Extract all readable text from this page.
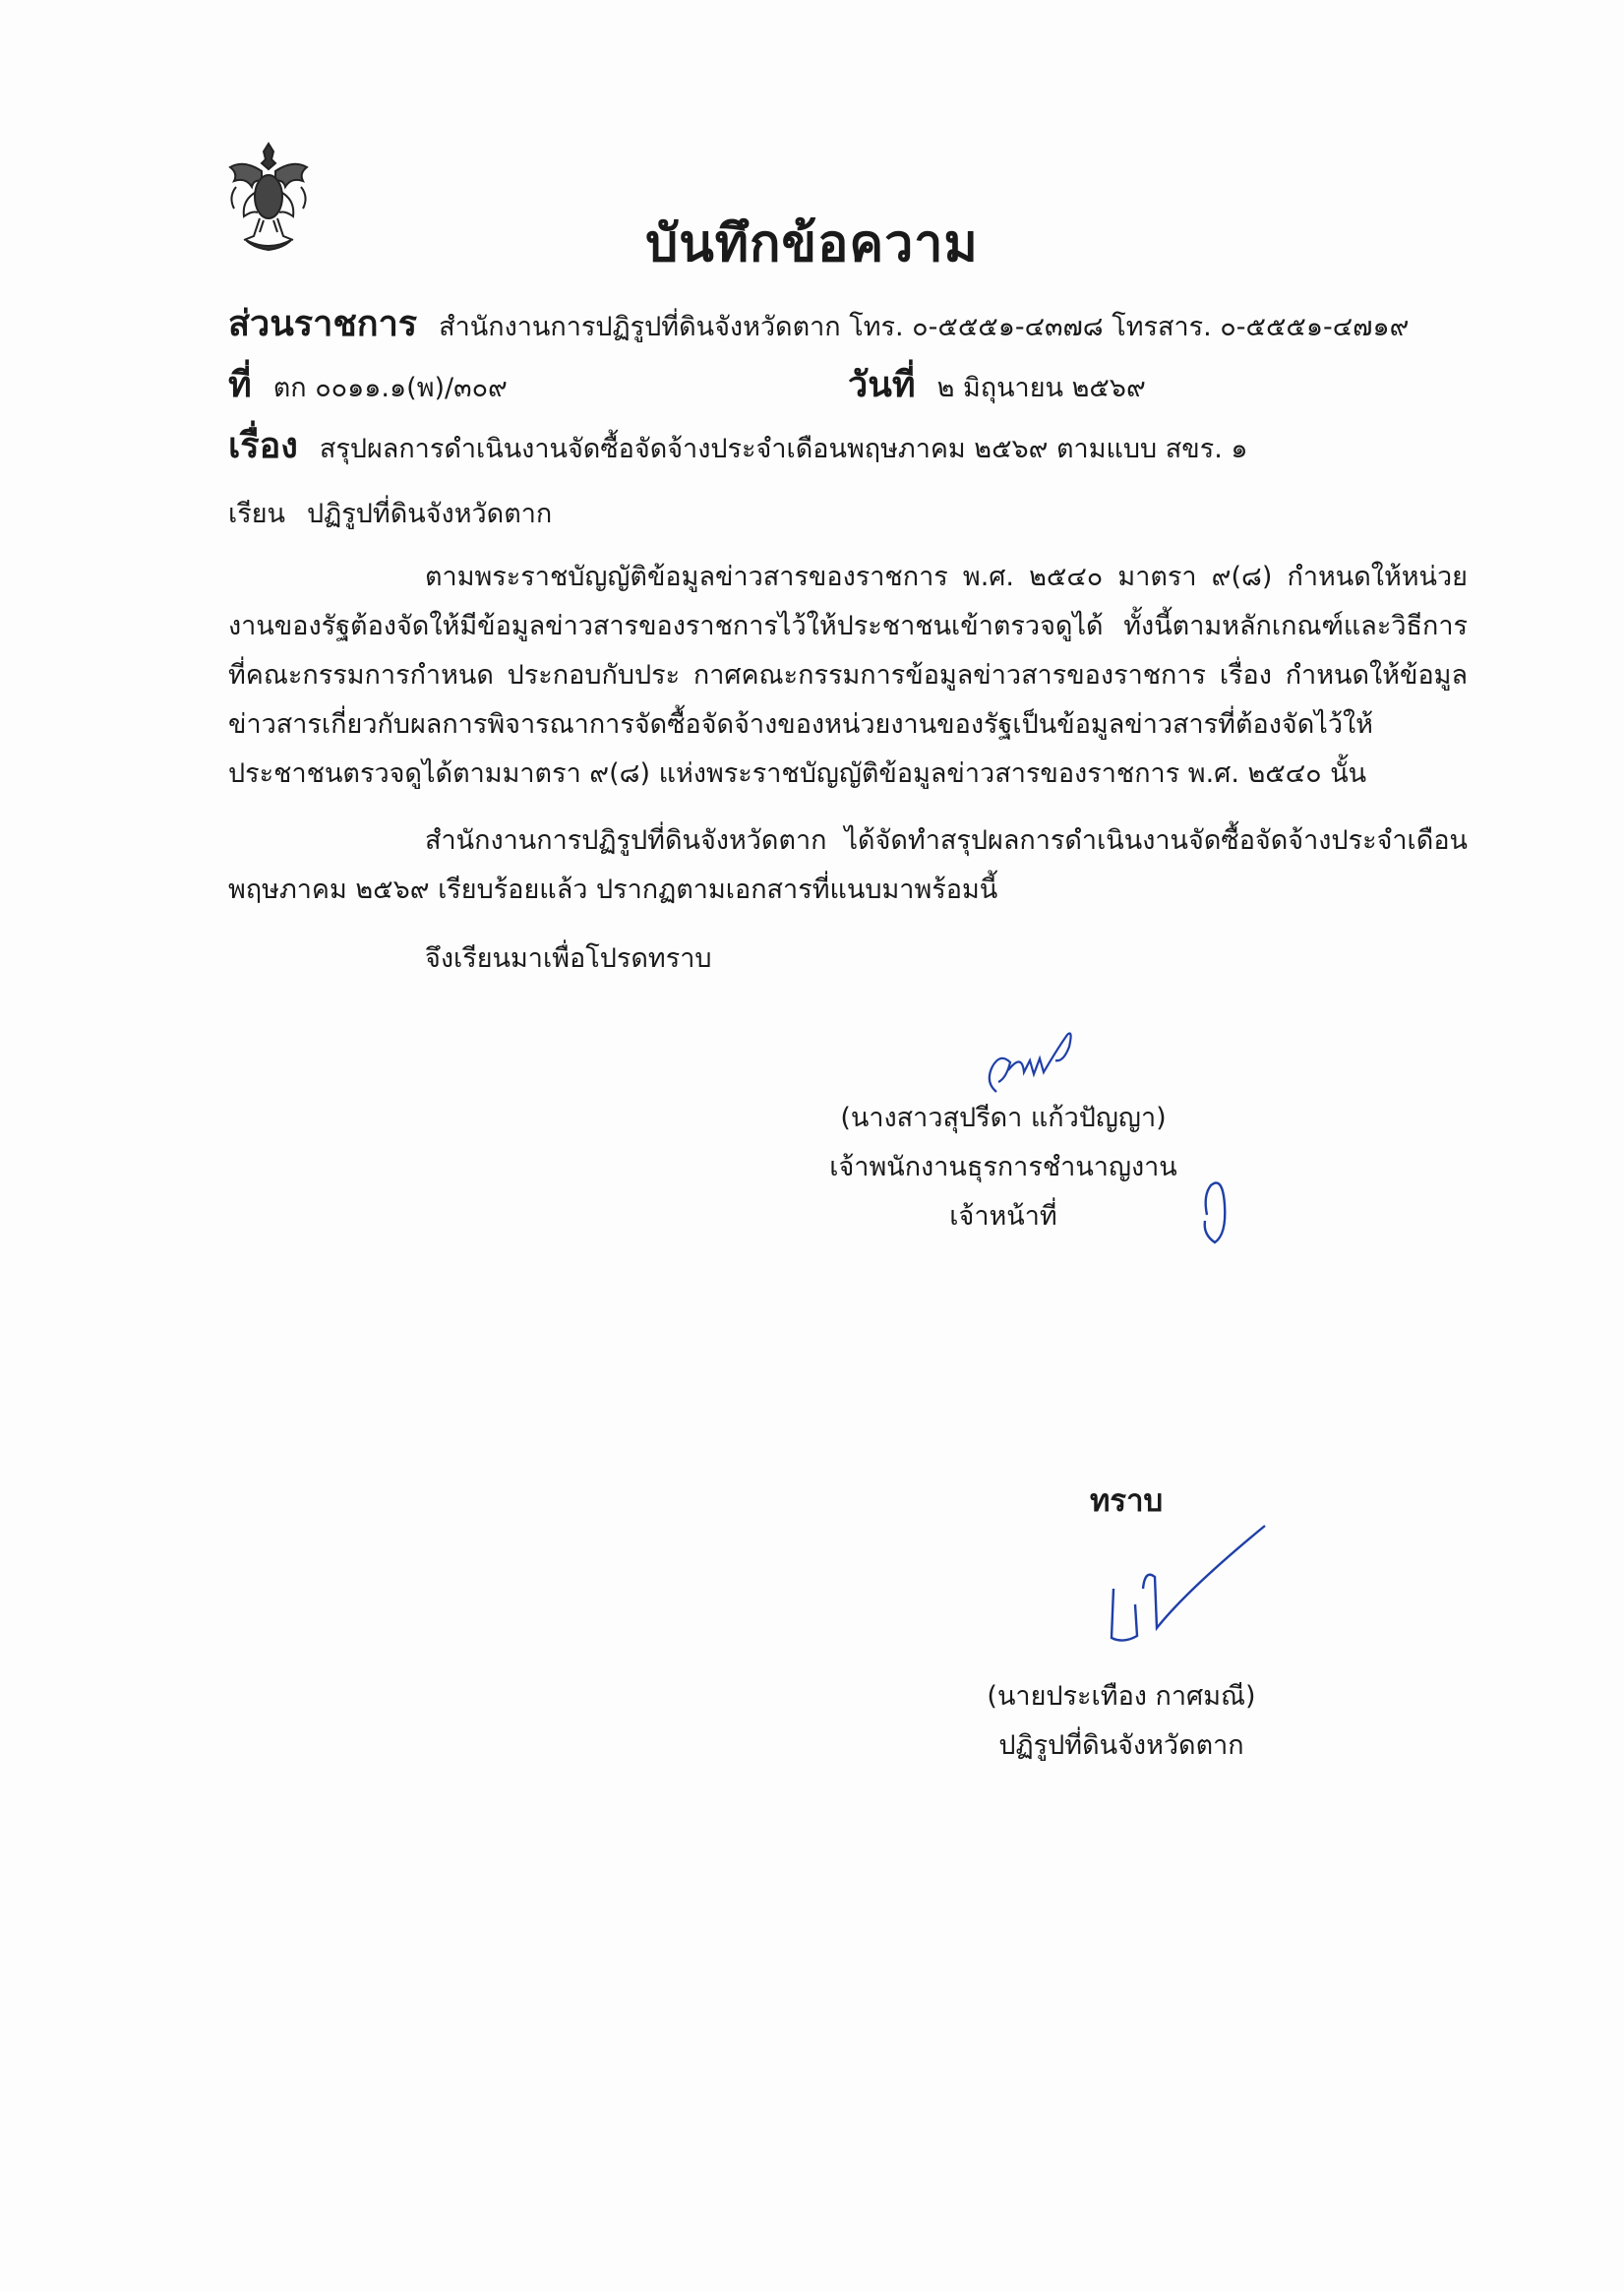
บันทึกข้อความ
ส่วนราชการ สำนักงานการปฏิรูปที่ดินจังหวัดตาก โทร. ๐-๕๕๕๑-๔๓๗๘ โทรสาร. ๐-๕๕๕๑-๔๗๑๙
ที่ ตก ๐๐๑๑.๑(พ)/๓๐๙	วันที่ ๒ มิถุนายน ๒๕๖๙
เรื่อง สรุปผลการดำเนินงานจัดซื้อจัดจ้างประจำเดือนพฤษภาคม ๒๕๖๙ ตามแบบ สขร. ๑
เรียน ปฏิรูปที่ดินจังหวัดตาก

ตามพระราชบัญญัติข้อมูลข่าวสารของราชการ พ.ศ. ๒๕๔๐ มาตรา ๙(๘) กำหนดให้หน่วยงานของรัฐต้องจัดให้มีข้อมูลข่าวสารของราชการไว้ให้ประชาชนเข้าตรวจดูได้ ทั้งนี้ตามหลักเกณฑ์และวิธีการที่คณะกรรมการกำหนด ประกอบกับประ กาศคณะกรรมการข้อมูลข่าวสารของราชการ เรื่อง กำหนดให้ข้อมูลข่าวสารเกี่ยวกับผลการพิจารณาการจัดซื้อจัดจ้างของหน่วยงานของรัฐเป็นข้อมูลข่าวสารที่ต้องจัดไว้ให้ประชาชนตรวจดูได้ตามมาตรา ๙(๘) แห่งพระราชบัญญัติข้อมูลข่าวสารของราชการ พ.ศ. ๒๕๔๐ นั้น

สำนักงานการปฏิรูปที่ดินจังหวัดตาก ได้จัดทำสรุปผลการดำเนินงานจัดซื้อจัดจ้างประจำเดือนพฤษภาคม ๒๕๖๙ เรียบร้อยแล้ว ปรากฏตามเอกสารที่แนบมาพร้อมนี้

จึงเรียนมาเพื่อโปรดทราบ
(นางสาวสุปรีดา แก้วปัญญา)
เจ้าพนักงานธุรการชำนาญงาน
เจ้าหน้าที่
ทราบ
(นายประเทือง กาศมณี)
ปฏิรูปที่ดินจังหวัดตาก
